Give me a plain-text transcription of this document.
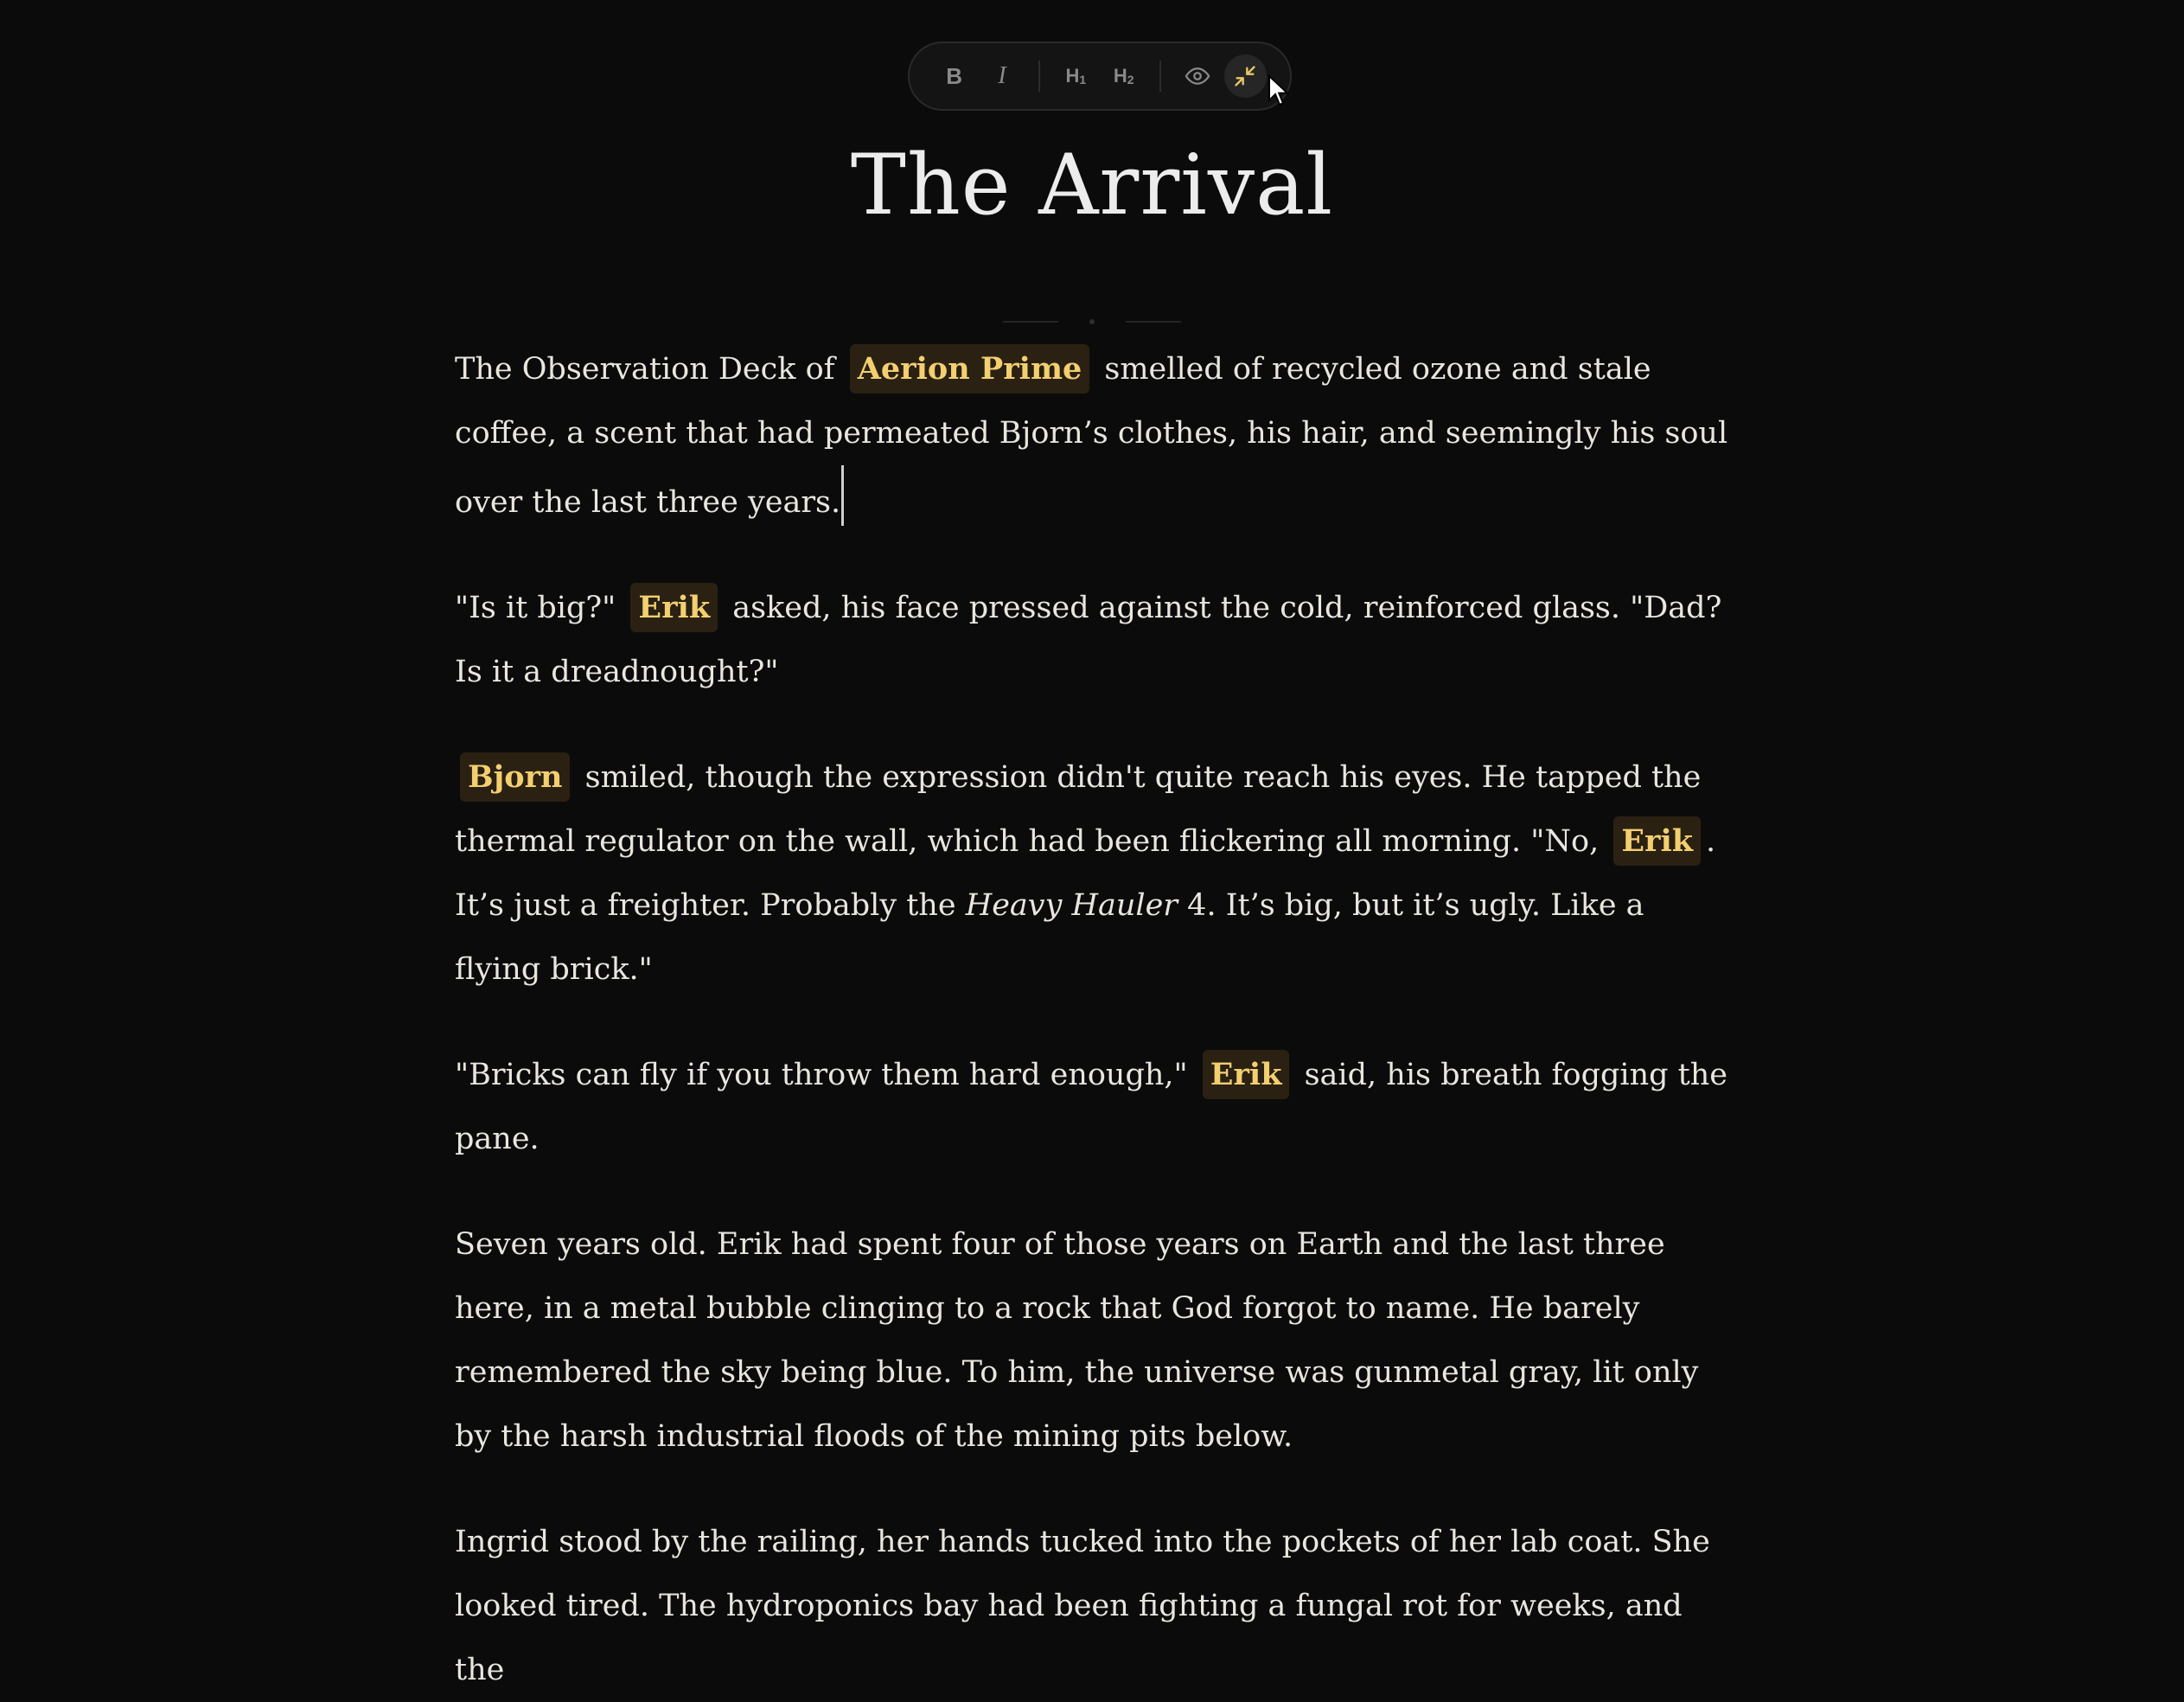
B I	$H_1$ $H_2$
The Arrival

The Observation Deck of Aerion Prime smelled of recycled ozone and stale coffee, a scent that had permeated Bjorn’s clothes, his hair, and seemingly his soul over the last three years.

"Is it big?" Erik asked, his face pressed against the cold, reinforced glass. "Dad? Is it a dreadnought?"

Bjorn smiled, though the expression didn't quite reach his eyes. He tapped the thermal regulator on the wall, which had been flickering all morning. "No, Erik . It’s just a freighter. Probably the Heavy Hauler 4. It’s big, but it’s ugly. Like a flying brick."

"Bricks can fly if you throw them hard enough," Erik said, his breath fogging the pane.

Seven years old. Erik had spent four of those years on Earth and the last three here, in a metal bubble clinging to a rock that God forgot to name. He barely remembered the sky being blue. To him, the universe was gunmetal gray, lit only by the harsh industrial floods of the mining pits below.

Ingrid stood by the railing, her hands tucked into the pockets of her lab coat. She looked tired. The hydroponics bay had been fighting a fungal rot for weeks, and the
